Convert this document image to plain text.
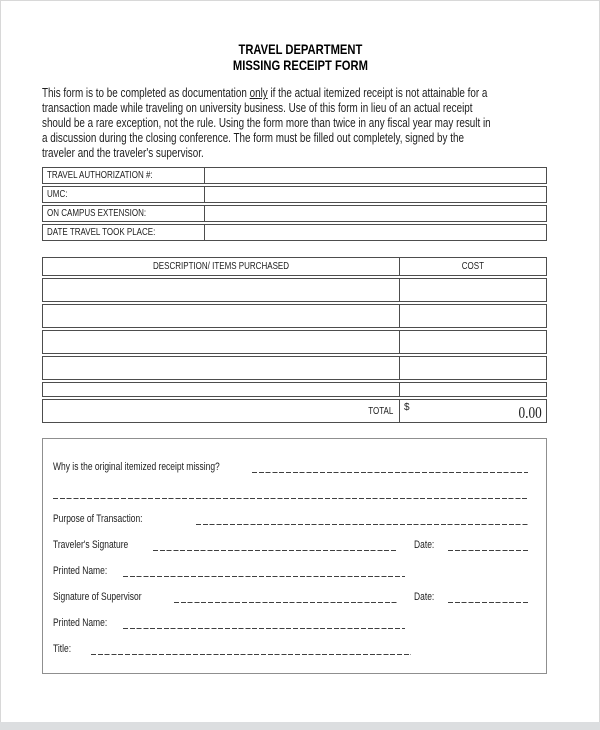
TRAVEL DEPARTMENT
MISSING RECEIPT FORM
This form is to be completed as documentation only if the actual itemized receipt is not attainable for a
transaction made while traveling on university business. Use of this form in lieu of an actual receipt
should be a rare exception, not the rule. Using the form more than twice in any fiscal year may result in
a discussion during the closing conference. The form must be filled out completely, signed by the
traveler and the traveler's supervisor.
TRAVEL AUTHORIZATION #:
UMC:
ON CAMPUS EXTENSION:
DATE TRAVEL TOOK PLACE:
DESCRIPTION/ ITEMS PURCHASED	COST
TOTAL $	0.00
Why is the original itemized receipt missing?
Purpose of Transaction:
Traveler's Signature	Date:
Printed Name:
Signature of Supervisor	Date:
Printed Name:
Title:
